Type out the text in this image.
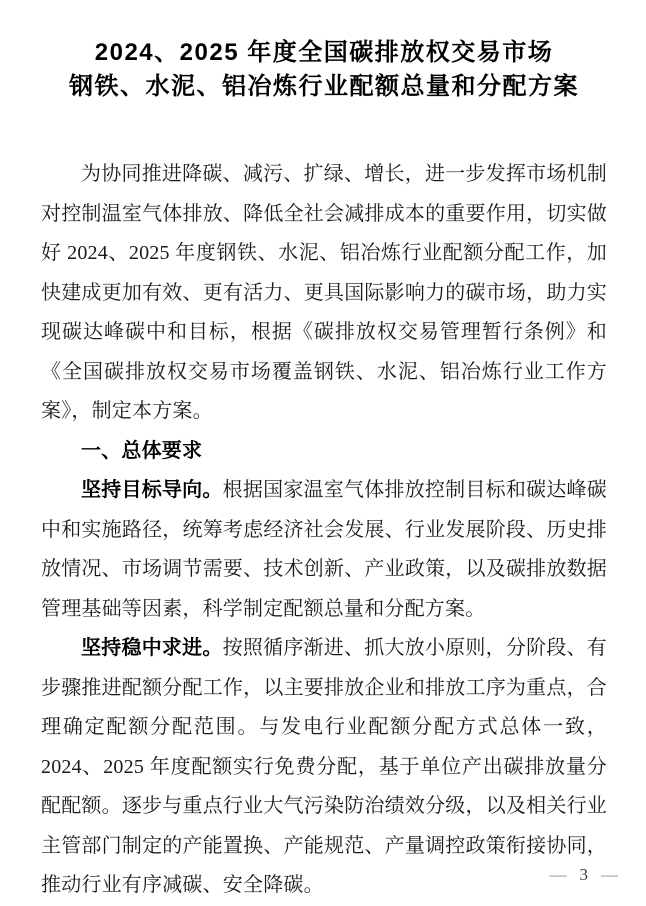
2024、2025 年度全国碳排放权交易市场
钢铁、水泥、铝冶炼行业配额总量和分配方案

为协同推进降碳、减污、扩绿、增长，进一步发挥市场机制对控制温室气体排放、降低全社会减排成本的重要作用，切实做好 2024、2025 年度钢铁、水泥、铝冶炼行业配额分配工作，加快建成更加有效、更有活力、更具国际影响力的碳市场，助力实现碳达峰碳中和目标，根据《碳排放权交易管理暂行条例》和《全国碳排放权交易市场覆盖钢铁、水泥、铝冶炼行业工作方案》，制定本方案。

一、总体要求

坚持目标导向。根据国家温室气体排放控制目标和碳达峰碳中和实施路径，统筹考虑经济社会发展、行业发展阶段、历史排放情况、市场调节需要、技术创新、产业政策，以及碳排放数据管理基础等因素，科学制定配额总量和分配方案。

坚持稳中求进。按照循序渐进、抓大放小原则，分阶段、有步骤推进配额分配工作，以主要排放企业和排放工序为重点，合理确定配额分配范围。与发电行业配额分配方式总体一致，2024、2025 年度配额实行免费分配，基于单位产出碳排放量分配配额。逐步与重点行业大气污染防治绩效分级，以及相关行业主管部门制定的产能置换、产能规范、产量调控政策衔接协同，推动行业有序减碳、安全降碳。	— 3 —
